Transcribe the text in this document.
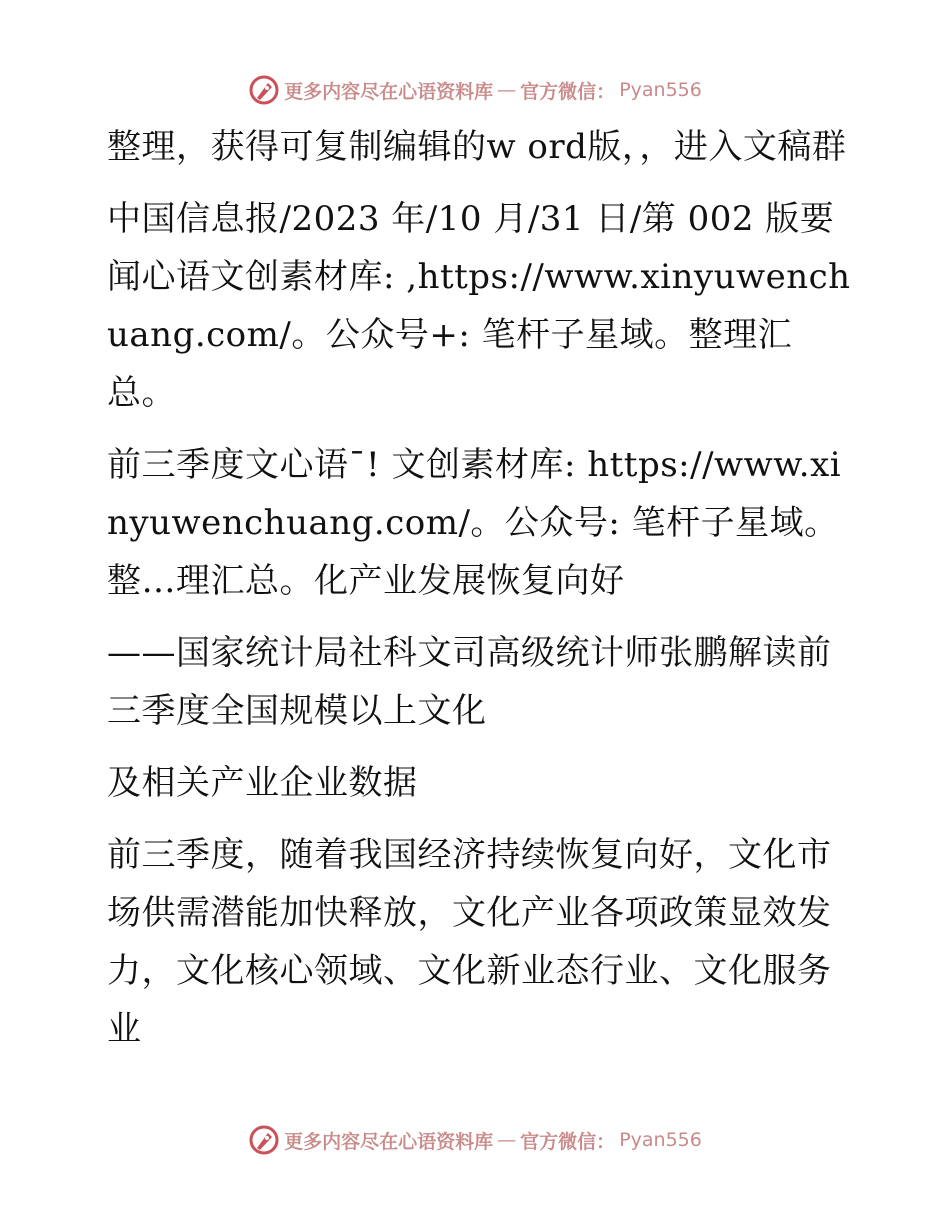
更多内容尽在心语资料库 — 官方微信： Pyan556

整理，获得可复制编辑的w ord版，，进入文稿群

中国信息报/2023 年/10 月/31 日/第 002 版要闻心语文创素材库: ,https://www.xinyuwenchuang.com/。公众号+: 笔杆子星域。整理汇总。

前三季度文心语¯! 文创素材库: https://www.xinyuwenchuang.com/。公众号: 笔杆子星域。整…理汇总。化产业发展恢复向好

——国家统计局社科文司高级统计师张鹏解读前三季度全国规模以上文化

及相关产业企业数据

前三季度，随着我国经济持续恢复向好，文化市场供需潜能加快释放，文化产业各项政策显效发力，文化核心领域、文化新业态行业、文化服务业

更多内容尽在心语资料库 — 官方微信： Pyan556
